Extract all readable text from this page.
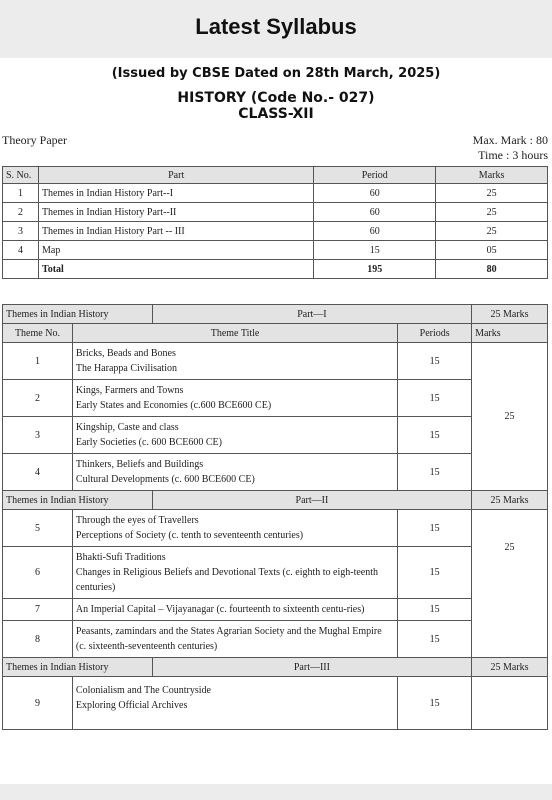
Latest Syllabus
(Issued by CBSE Dated on 28th March, 2025)
HISTORY (Code No.- 027)
CLASS-XII
Theory Paper	Max. Mark : 80
Time : 3 hours
S. No.	Part	Period	Marks
1	Themes in Indian History Part--I	60	25
2	Themes in Indian History Part--II	60	25
3	Themes in Indian History Part -- III	60	25
4	Map	15	05
	Total	195	80
Themes in Indian History		Part—I		25 Marks
Theme No.	Theme Title		Periods	Marks
1	Bricks, Beads and Bones
The Harappa Civilisation		15	25
2	Kings, Farmers and Towns
Early States and Economies (c.600 BCE600 CE)		15	
3	Kingship, Caste and class
Early Societies (c. 600 BCE600 CE)		15	
4	Thinkers, Beliefs and Buildings
Cultural Developments (c. 600 BCE600 CE)		15	
Themes in Indian History		Part—II		25 Marks
5	Through the eyes of Travellers
Perceptions of Society (c. tenth to seventeenth centuries)		15	25
6	Bhakti-Sufi Traditions
Changes in Religious Beliefs and Devotional Texts (c. eighth to eigh-teenth centuries)		15	
7	An Imperial Capital – Vijayanagar (c. fourteenth to sixteenth centu-ries)		15	
8	Peasants, zamindars and the States Agrarian Society and the Mughal Empire (c. sixteenth-seventeenth centuries)		15	
Themes in Indian History		Part—III		25 Marks
9	Colonialism and The Countryside
Exploring Official Archives		15	
